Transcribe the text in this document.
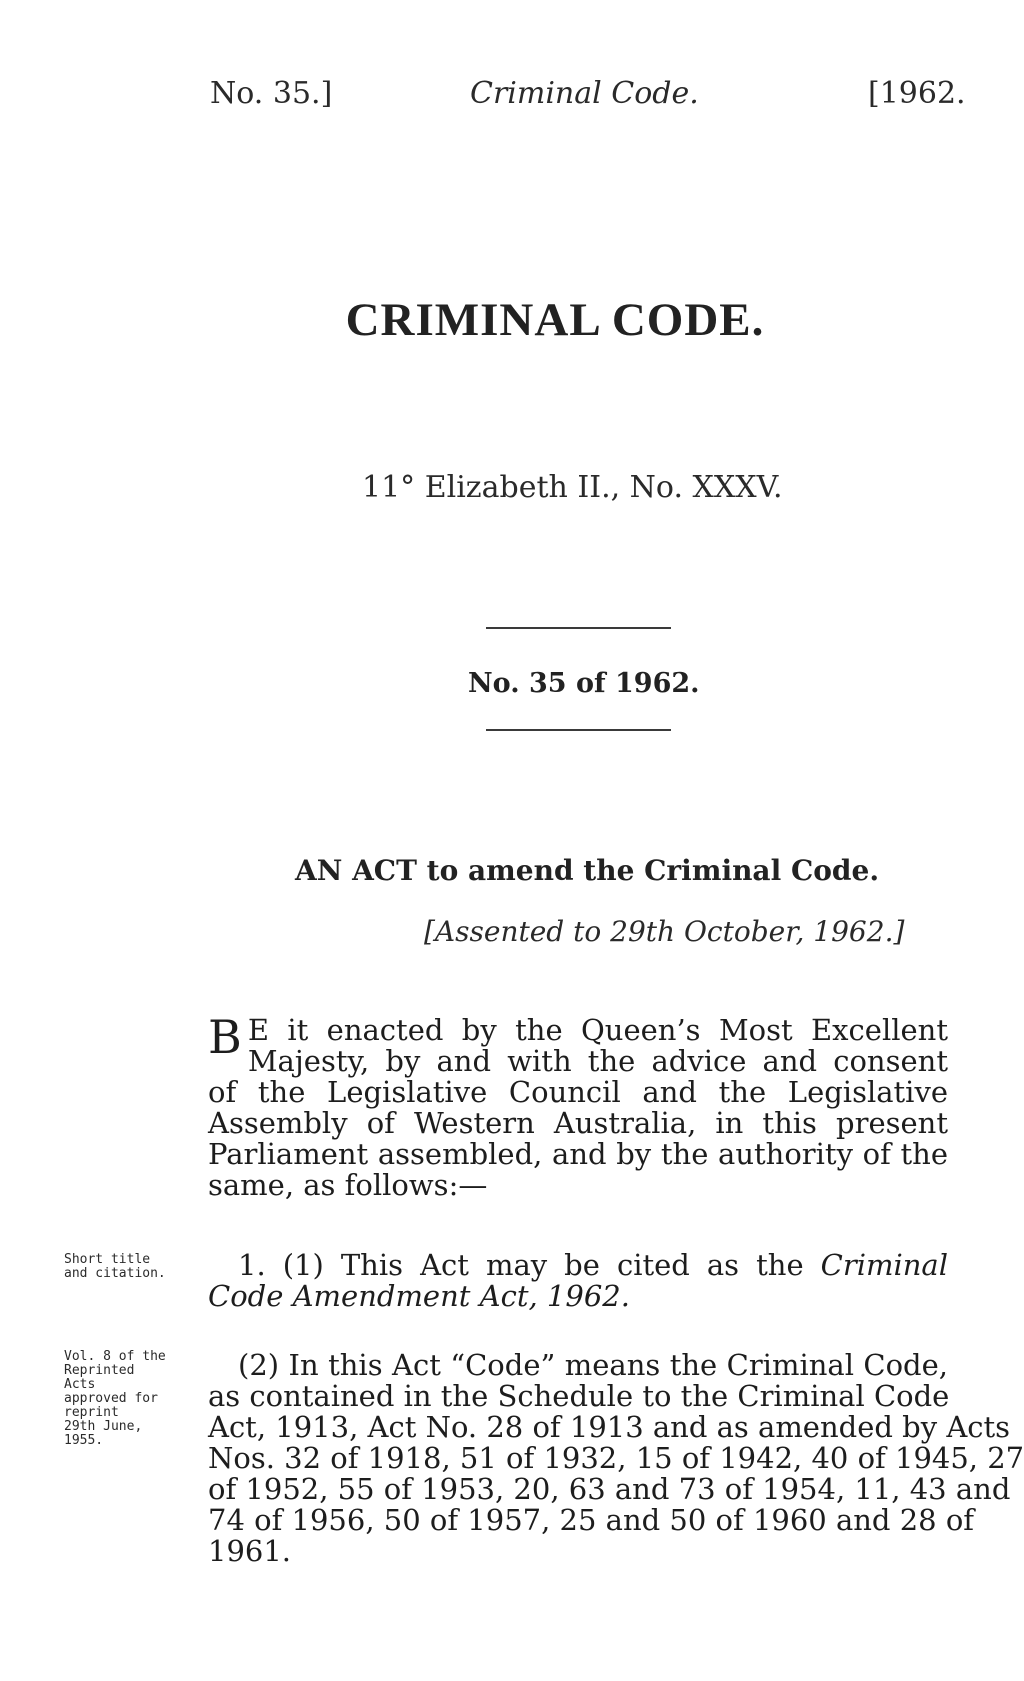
No. 35.]	Criminal Code.	[1962.
CRIMINAL CODE.
11° Elizabeth II., No. XXXV.
No. 35 of 1962.
AN ACT to amend the Criminal Code.
[Assented to 29th October, 1962.]
B E it enacted by the Queen’s Most Excellent
Majesty, by and with the advice and consent
of the Legislative Council and the Legislative
Assembly of Western Australia, in this present
Parliament assembled, and by the authority of the
same, as follows:—
Short title
and citation.	1. (1) This Act may be cited as the Criminal
Code Amendment Act, 1962.
Vol. 8 of the
Reprinted
Acts
approved for
reprint
29th June,
1955.
(2) In this Act “Code” means the Criminal Code,
as contained in the Schedule to the Criminal Code
Act, 1913, Act No. 28 of 1913 and as amended by Acts
Nos. 32 of 1918, 51 of 1932, 15 of 1942, 40 of 1945, 27
of 1952, 55 of 1953, 20, 63 and 73 of 1954, 11, 43 and
74 of 1956, 50 of 1957, 25 and 50 of 1960 and 28 of
1961.
